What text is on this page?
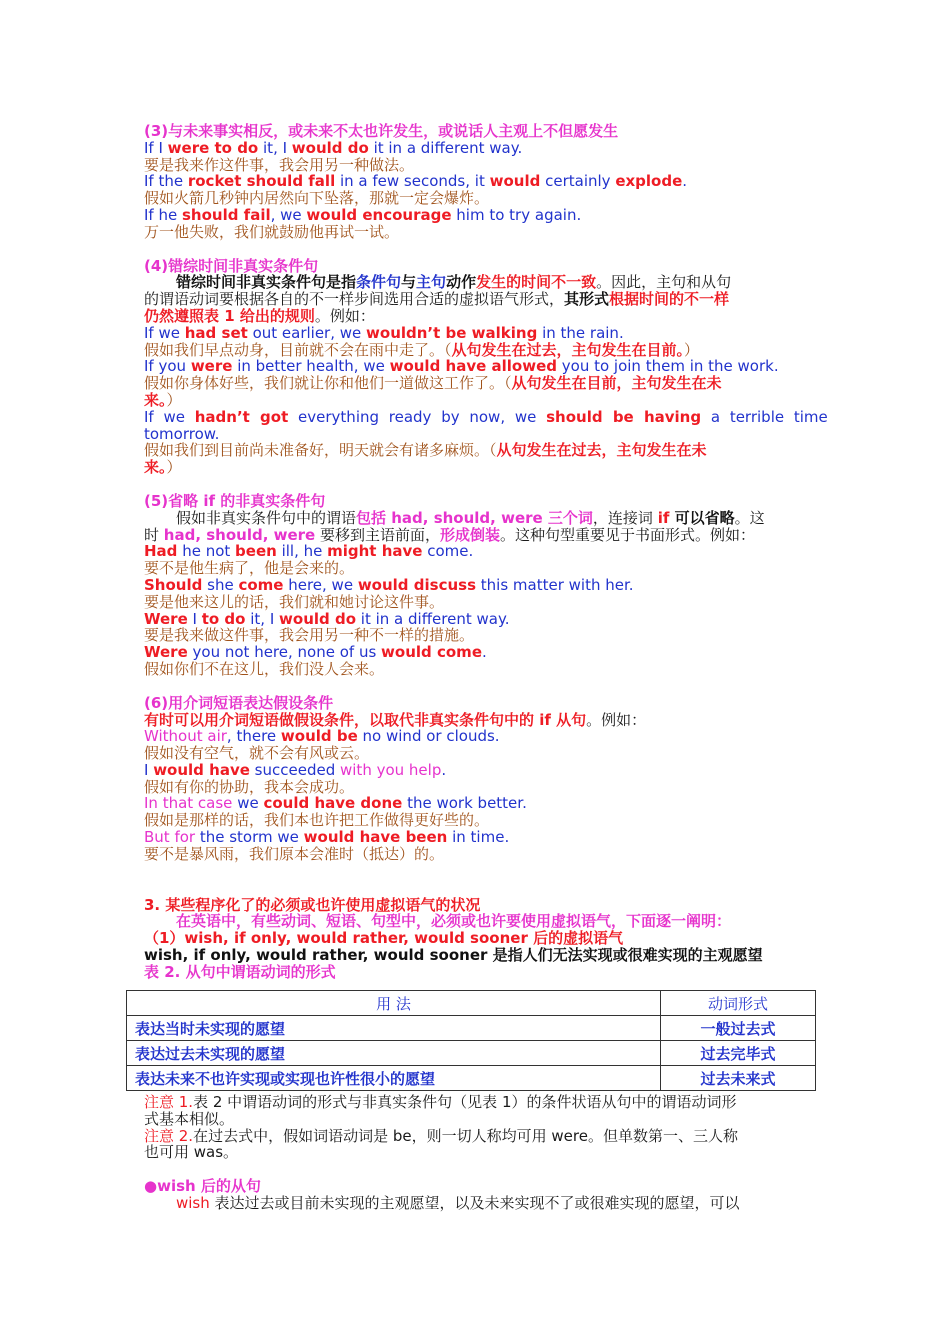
(3)与未来事实相反，或未来不太也许发生，或说话人主观上不但愿发生

If I were to do it, I would do it in a different way.

要是我来作这件事，我会用另一种做法。

If the rocket should fall in a few seconds, it would certainly explode.

假如火箭几秒钟内居然向下坠落，那就一定会爆炸。

If he should fail, we would encourage him to try again.

万一他失败，我们就鼓励他再试一试。

(4)错综时间非真实条件句

错综时间非真实条件句是指条件句与主句动作发生的时间不一致。因此，主句和从句

的谓语动词要根据各自的不一样步间选用合适的虚拟语气形式，其形式根据时间的不一样

仍然遵照表 1 给出的规则。例如：

If we had set out earlier, we wouldn’t be walking in the rain.

假如我们早点动身，目前就不会在雨中走了。（从句发生在过去，主句发生在目前。）

If you were in better health, we would have allowed you to join them in the work.

假如你身体好些，我们就让你和他们一道做这工作了。（从句发生在目前，主句发生在未

来。）

If we hadn’t got everything ready by now, we should be having a terrible time

tomorrow.

假如我们到目前尚未准备好，明天就会有诸多麻烦。（从句发生在过去，主句发生在未

来。）

(5)省略 if 的非真实条件句

假如非真实条件句中的谓语包括 had, should, were 三个词，连接词 if 可以省略。这

时 had, should, were 要移到主语前面，形成倒装。这种句型重要见于书面形式。例如：

Had he not been ill, he might have come.

要不是他生病了，他是会来的。

Should she come here, we would discuss this matter with her.

要是他来这儿的话，我们就和她讨论这件事。

Were I to do it, I would do it in a different way.

要是我来做这件事，我会用另一种不一样的措施。

Were you not here, none of us would come.

假如你们不在这儿，我们没人会来。

(6)用介词短语表达假设条件

有时可以用介词短语做假设条件，以取代非真实条件句中的 if 从句。例如：

Without air, there would be no wind or clouds.

假如没有空气，就不会有风或云。

I would have succeeded with you help.

假如有你的协助，我本会成功。

In that case we could have done the work better.

假如是那样的话，我们本也许把工作做得更好些的。

But for the storm we would have been in time.

要不是暴风雨，我们原本会准时（抵达）的。

3. 某些程序化了的必须或也许使用虚拟语气的状况

在英语中，有些动词、短语、句型中，必须或也许要使用虚拟语气，下面逐一阐明：

（1）wish, if only, would rather, would sooner 后的虚拟语气

wish, if only, would rather, would sooner 是指人们无法实现或很难实现的主观愿望

表 2. 从句中谓语动词的形式

用 法	动词形式
表达当时未实现的愿望	一般过去式
表达过去未实现的愿望	过去完毕式
表达未来不也许实现或实现也许性很小的愿望	过去未来式

注意 1.表 2 中谓语动词的形式与非真实条件句（见表 1）的条件状语从句中的谓语动词形

式基本相似。

注意 2.在过去式中，假如词语动词是 be，则一切人称均可用 were。但单数第一、三人称

也可用 was。

●wish 后的从句

wish 表达过去或目前未实现的主观愿望，以及未来实现不了或很难实现的愿望，可以
